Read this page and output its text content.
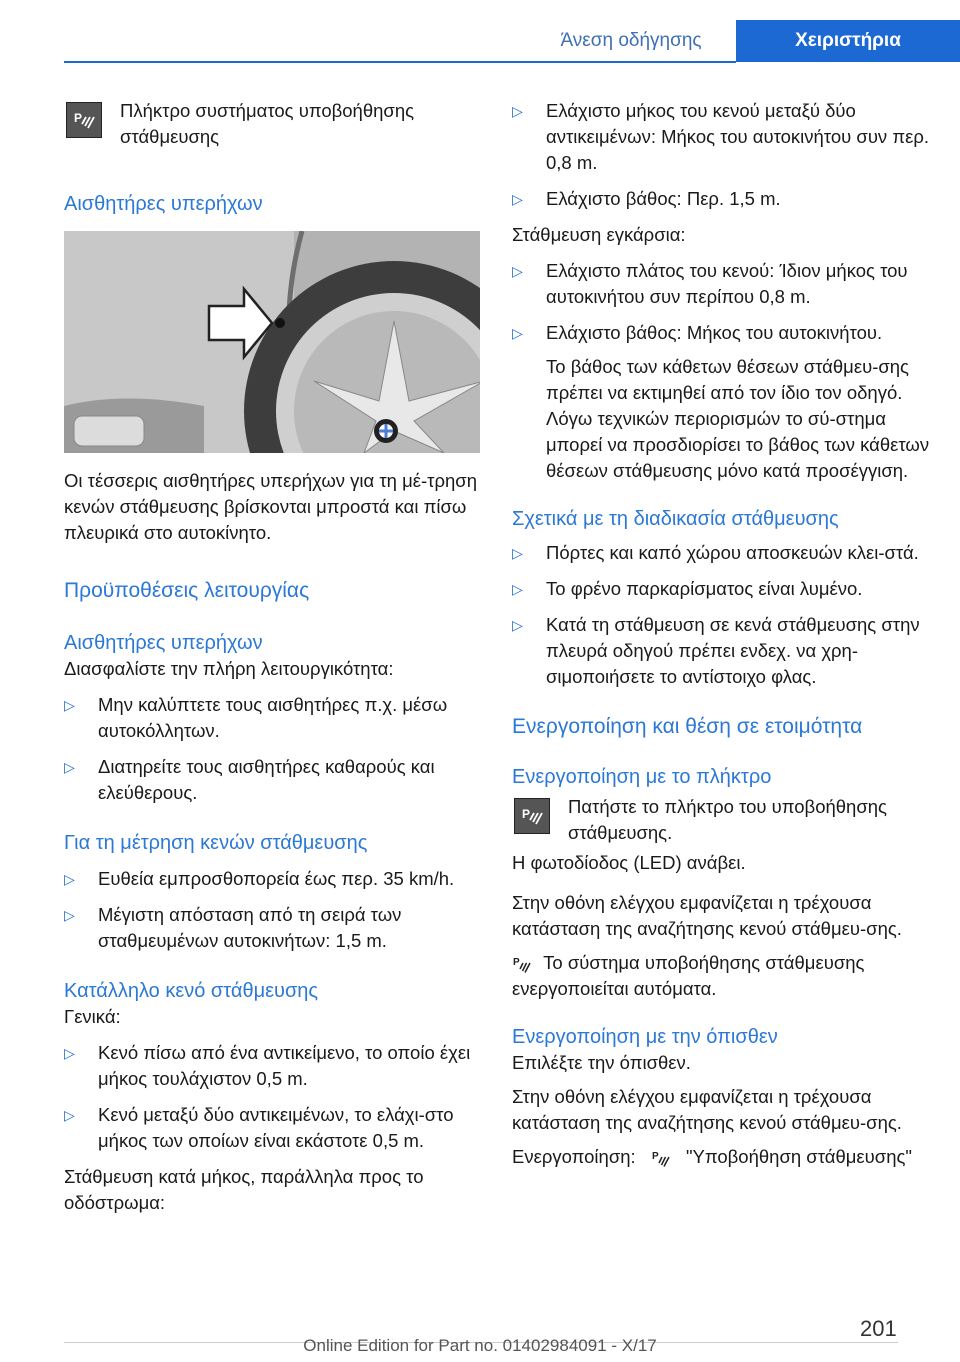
Άνεση οδήγησης	Χειριστήρια
P Πλήκτρο συστήματος υποβοήθησης στάθμευσης

Αισθητήρες υπερήχων

Οι τέσσερις αισθητήρες υπερήχων για τη μέ-τρηση κενών στάθμευσης βρίσκονται μπροστά και πίσω πλευρικά στο αυτοκίνητο.

Προϋποθέσεις λειτουργίας
Αισθητήρες υπερήχων

Διασφαλίστε την πλήρη λειτουργικότητα:

▷ Μην καλύπτετε τους αισθητήρες π.χ. μέσω αυτοκόλλητων.

▷ Διατηρείτε τους αισθητήρες καθαρούς και ελεύθερους.

Για τη μέτρηση κενών στάθμευσης

▷ Ευθεία εμπροσθοπορεία έως περ. 35 km/h.

▷ Μέγιστη απόσταση από τη σειρά των σταθμευμένων αυτοκινήτων: 1,5 m.

Κατάλληλο κενό στάθμευσης

Γενικά:

▷ Κενό πίσω από ένα αντικείμενο, το οποίο έχει μήκος τουλάχιστον 0,5 m.

▷ Κενό μεταξύ δύο αντικειμένων, το ελάχι-στο μήκος των οποίων είναι εκάστοτε 0,5 m.

Στάθμευση κατά μήκος, παράλληλα προς το οδόστρωμα:

▷ Ελάχιστο μήκος του κενού μεταξύ δύο αντικειμένων: Μήκος του αυτοκινήτου συν περ. 0,8 m.

▷ Ελάχιστο βάθος: Περ. 1,5 m.

Στάθμευση εγκάρσια:

▷ Ελάχιστο πλάτος του κενού: Ίδιον μήκος του αυτοκινήτου συν περίπου 0,8 m.

▷ Ελάχιστο βάθος: Μήκος του αυτοκινήτου.

Το βάθος των κάθετων θέσεων στάθμευ-σης πρέπει να εκτιμηθεί από τον ίδιο τον οδηγό. Λόγω τεχνικών περιορισμών το σύ-στημα μπορεί να προσδιορίσει το βάθος των κάθετων θέσεων στάθμευσης μόνο κατά προσέγγιση.

Σχετικά με τη διαδικασία στάθμευσης

▷ Πόρτες και καπό χώρου αποσκευών κλει-στά.

▷ Το φρένο παρκαρίσματος είναι λυμένο.

▷ Κατά τη στάθμευση σε κενά στάθμευσης στην πλευρά οδηγού πρέπει ενδεχ. να χρη-σιμοποιήσετε το αντίστοιχο φλας.

Ενεργοποίηση και θέση σε ετοιμότητα
Ενεργοποίηση με το πλήκτρο
P Πατήστε το πλήκτρο του υποβοήθησης στάθμευσης.

Η φωτοδίοδος (LED) ανάβει.

Στην οθόνη ελέγχου εμφανίζεται η τρέχουσα κατάσταση της αναζήτησης κενού στάθμευ-σης.

P Το σύστημα υποβοήθησης στάθμευσης ενεργοποιείται αυτόματα.

Ενεργοποίηση με την όπισθεν

Επιλέξτε την όπισθεν.

Στην οθόνη ελέγχου εμφανίζεται η τρέχουσα κατάσταση της αναζήτησης κενού στάθμευ-σης.

Ενεργοποίηση: P "Υποβοήθηση στάθμευσης"

201
Online Edition for Part no. 01402984091 - X/17
